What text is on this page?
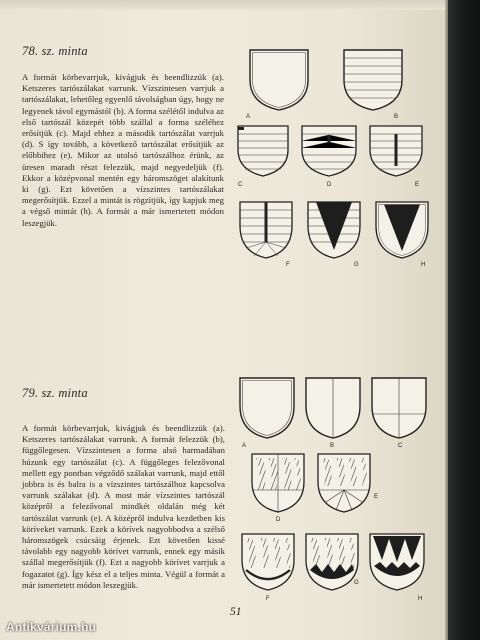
78. sz. minta

A formát körbevarrjuk, kivágjuk és beendlizzük (a). Ketszeres tartószálakat varrunk. Vízszintesen varrjuk a tartószálakat, lehetőleg egyenlő távolságban úgy, hogy ne legyenek távol egymástól (b). A forma szélétől indulva az első tartószál közepét több szállal a forma széléhez erősítjük (c). Majd ehhez a második tartószálat varrjuk (d). S így tovább, a következő tartószálat erősítjük az előbbihez (e). Mikor az utolsó tartószálhoz érünk, az üresen maradt részt felezzük, majd negyedeljük (f). Ekkor a középvonal mentén egy háromszöget alakítunk ki (g). Ezt követően a vízszintes tartószálakat megerősítjük. Ezzel a mintát is rögzítjük, így kapjuk meg a végső mintát (h). A formát a már ismertetett módon leszegjük.

A	B
C	D	E
F	G	H
79. sz. minta

A formát körbevarrjuk, kivágjuk és beendlizzük (a). Ketszeres tartószálakat varrunk. A formát felezzük (b), függőlegesen. Vízszintesen a forma alsó harmadában húzunk egy tartószálat (c). A függőleges felezővonal mellett egy pontban végződő szálakat varrunk, majd ettől jobbra is és balra is a vízszintes tartószálhoz kapcsolva varrunk szálakat (d). A most már vízszintes tartószál középről a felezővonal mindkét oldalán még két tartószálat varrunk (e). A középről indulva kezdetben kis köríveket varrunk. Ezek a körívek nagyobbodva a szélső háromszögek csúcsáig érjenek. Ezt követően kissé távolabb egy nagyobb körívet varrunk, ennek egy másik szállal megerősítjük (f). Ezt a nagyobb körívet varrjuk a fogazatot (g). Így kész el a teljes minta. Végül a formát a már ismertetett módon leszegjük.

A	B	C
D
E
F
G
H
51
Antikvárium.hu
